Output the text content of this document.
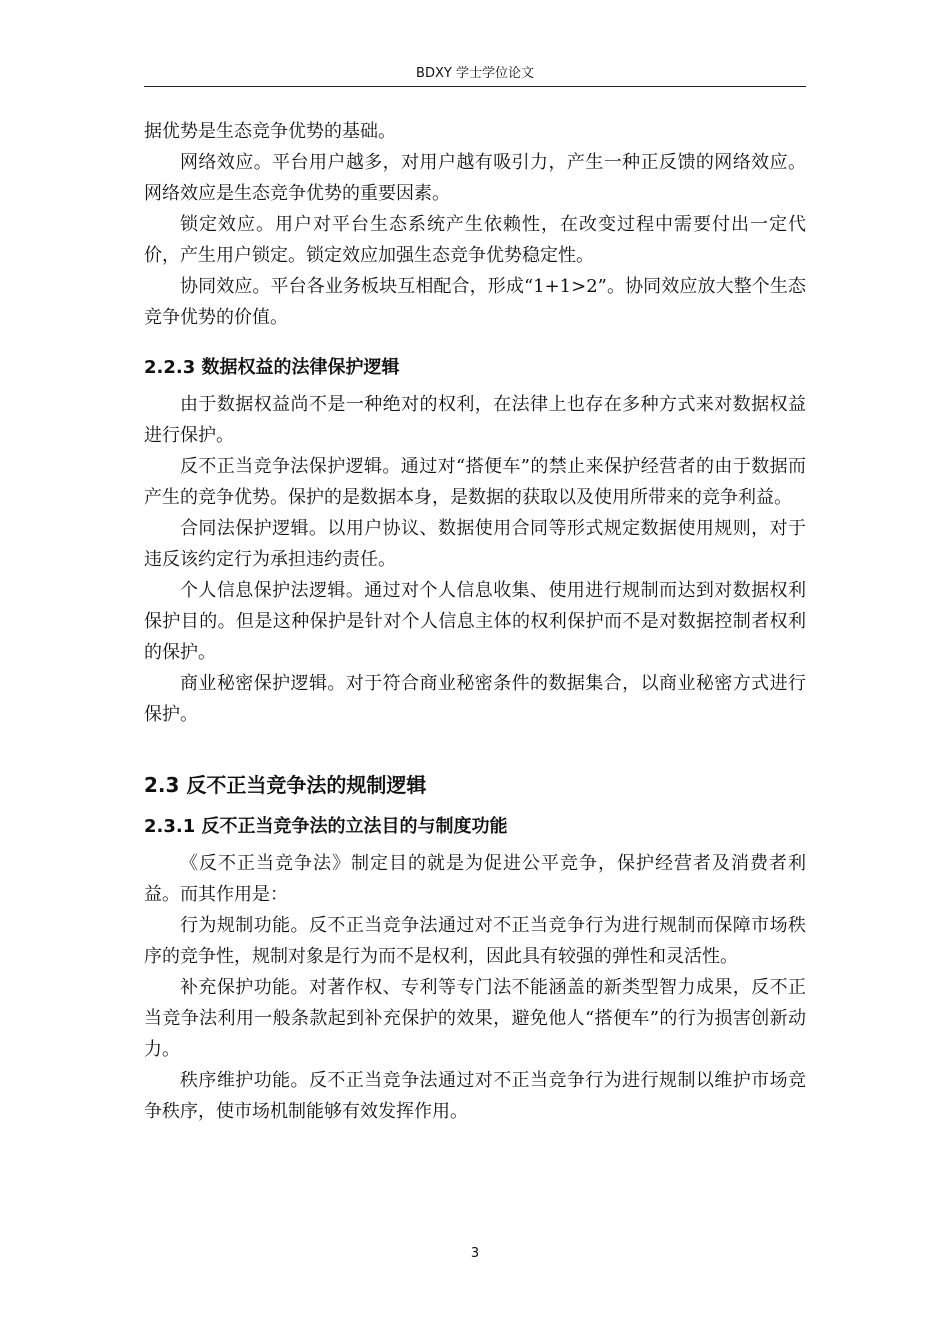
BDXY 学士学位论文

据优势是生态竞争优势的基础。

网络效应。平台用户越多，对用户越有吸引力，产生一种正反馈的网络效应。网络效应是生态竞争优势的重要因素。

锁定效应。用户对平台生态系统产生依赖性，在改变过程中需要付出一定代价，产生用户锁定。锁定效应加强生态竞争优势稳定性。

协同效应。平台各业务板块互相配合，形成“1+1>2”。协同效应放大整个生态竞争优势的价值。

2.2.3 数据权益的法律保护逻辑

由于数据权益尚不是一种绝对的权利，在法律上也存在多种方式来对数据权益进行保护。

反不正当竞争法保护逻辑。通过对“搭便车”的禁止来保护经营者的由于数据而产生的竞争优势。保护的是数据本身，是数据的获取以及使用所带来的竞争利益。

合同法保护逻辑。以用户协议、数据使用合同等形式规定数据使用规则，对于违反该约定行为承担违约责任。

个人信息保护法逻辑。通过对个人信息收集、使用进行规制而达到对数据权利保护目的。但是这种保护是针对个人信息主体的权利保护而不是对数据控制者权利的保护。

商业秘密保护逻辑。对于符合商业秘密条件的数据集合，以商业秘密方式进行保护。

2.3 反不正当竞争法的规制逻辑
2.3.1 反不正当竞争法的立法目的与制度功能

《反不正当竞争法》制定目的就是为促进公平竞争，保护经营者及消费者利益。而其作用是：

行为规制功能。反不正当竞争法通过对不正当竞争行为进行规制而保障市场秩序的竞争性，规制对象是行为而不是权利，因此具有较强的弹性和灵活性。

补充保护功能。对著作权、专利等专门法不能涵盖的新类型智力成果，反不正当竞争法利用一般条款起到补充保护的效果，避免他人“搭便车”的行为损害创新动力。

秩序维护功能。反不正当竞争法通过对不正当竞争行为进行规制以维护市场竞争秩序，使市场机制能够有效发挥作用。

3
